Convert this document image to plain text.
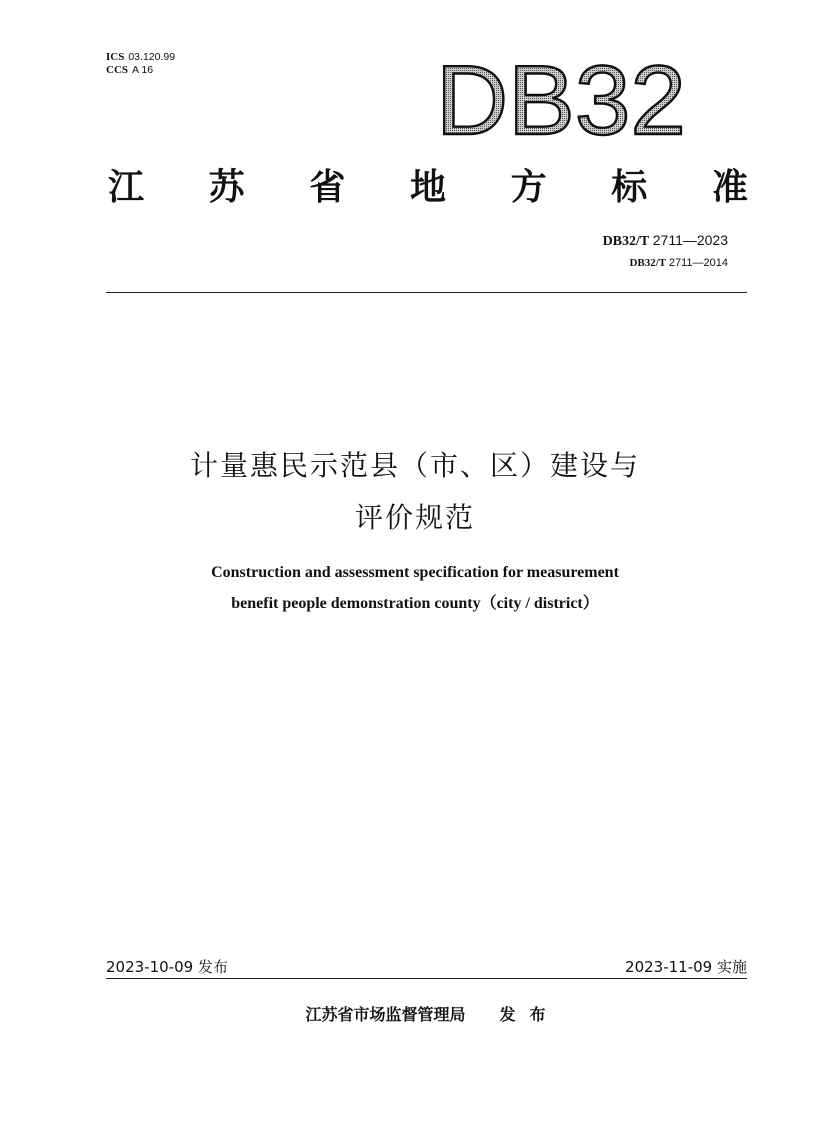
ICS 03.120.99
CCS A 16	DB32
江 苏 省 地 方 标 准
DB32/T 2711—2023
DB32/T 2711—2014
计量惠民示范县（市、区）建设与
评价规范
Construction and assessment specification for measurement
benefit people demonstration county（city / district）
2023-10-09 发布	2023-11-09 实施
江苏省市场监督管理局 发布
